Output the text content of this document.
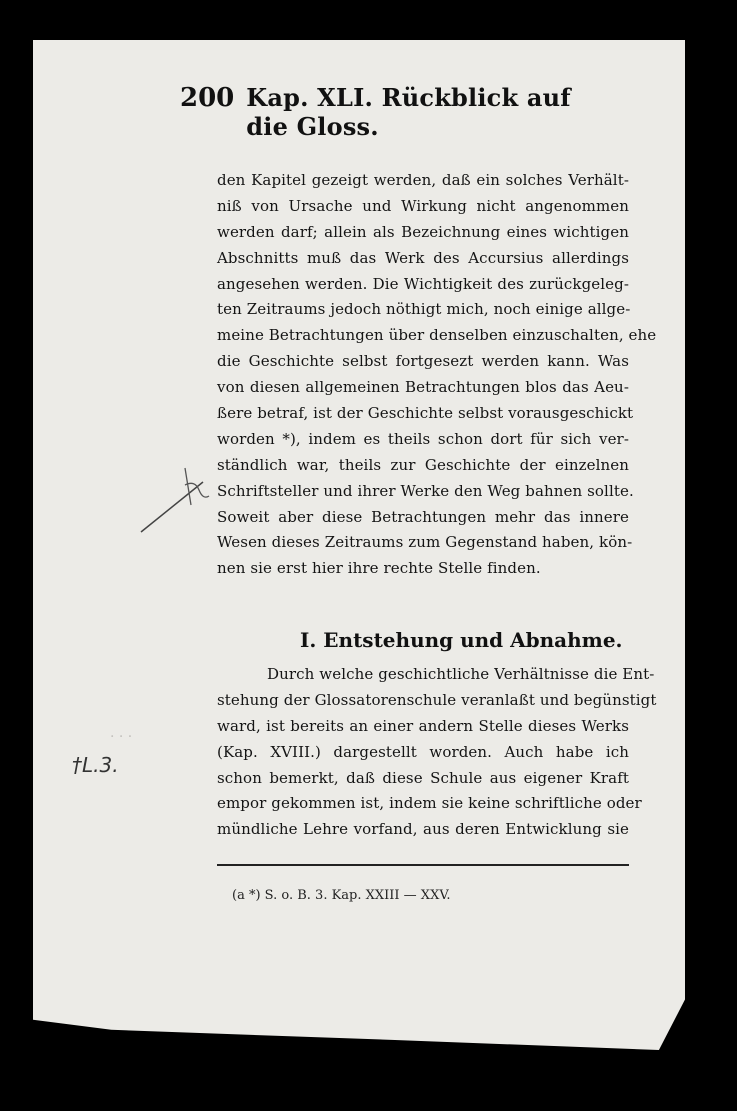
· · ·
200 Kap. XLI. Rückblick auf die Gloss.
den Kapitel gezeigt werden, daß ein solches Verhält-
niß von Ursache und Wirkung nicht angenommen
werden darf; allein als Bezeichnung eines wichtigen
Abschnitts muß das Werk des Accursius allerdings
angesehen werden. Die Wichtigkeit des zurückgeleg-
ten Zeitraums jedoch nöthigt mich, noch einige allge-
meine Betrachtungen über denselben einzuschalten, ehe
die Geschichte selbst fortgesezt werden kann. Was
von diesen allgemeinen Betrachtungen blos das Aeu-
ßere betraf, ist der Geschichte selbst vorausgeschickt
worden *), indem es theils schon dort für sich ver-
ständlich war, theils zur Geschichte der einzelnen
Schriftsteller und ihrer Werke den Weg bahnen sollte.
Soweit aber diese Betrachtungen mehr das innere
Wesen dieses Zeitraums zum Gegenstand haben, kön-
nen sie erst hier ihre rechte Stelle finden.
I. Entstehung und Abnahme.
Durch welche geschichtliche Verhältnisse die Ent-
stehung der Glossatorenschule veranlaßt und begünstigt
ward, ist bereits an einer andern Stelle dieses Werks
(Kap. XVIII.) dargestellt worden. Auch habe ich
schon bemerkt, daß diese Schule aus eigener Kraft
empor gekommen ist, indem sie keine schriftliche oder
mündliche Lehre vorfand, aus deren Entwicklung sie
(a *) S. o. B. 3. Kap. XXIII — XXV.
†L.3.
